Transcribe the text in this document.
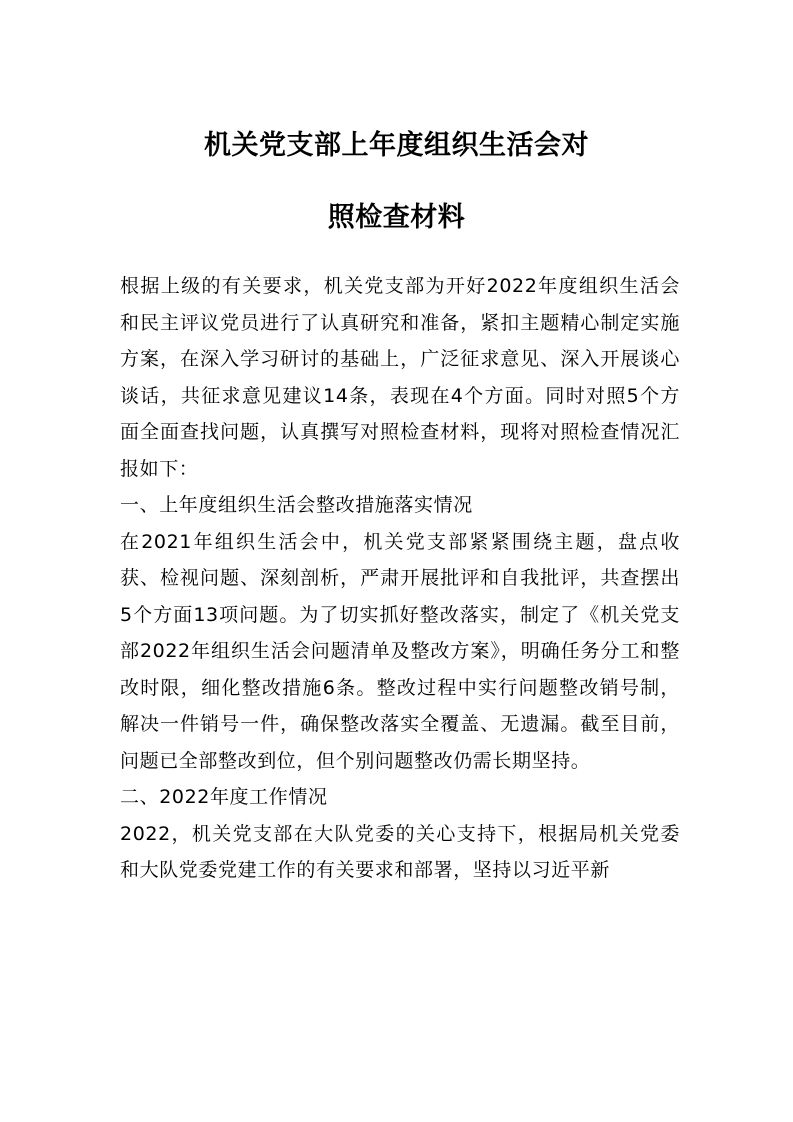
机关党支部上年度组织生活会对
照检查材料

根据上级的有关要求，机关党支部为开好2022年度组织生活会和民主评议党员进行了认真研究和准备，紧扣主题精心制定实施方案，在深入学习研讨的基础上，广泛征求意见、深入开展谈心谈话，共征求意见建议14条，表现在4个方面。同时对照5个方面全面查找问题，认真撰写对照检查材料，现将对照检查情况汇报如下：

一、上年度组织生活会整改措施落实情况

在2021年组织生活会中，机关党支部紧紧围绕主题，盘点收获、检视问题、深刻剖析，严肃开展批评和自我批评，共查摆出5个方面13项问题。为了切实抓好整改落实，制定了《机关党支部2022年组织生活会问题清单及整改方案》，明确任务分工和整改时限，细化整改措施6条。整改过程中实行问题整改销号制，解决一件销号一件，确保整改落实全覆盖、无遗漏。截至目前，问题已全部整改到位，但个别问题整改仍需长期坚持。

二、2022年度工作情况

2022，机关党支部在大队党委的关心支持下，根据局机关党委和大队党委党建工作的有关要求和部署，坚持以习近平新
